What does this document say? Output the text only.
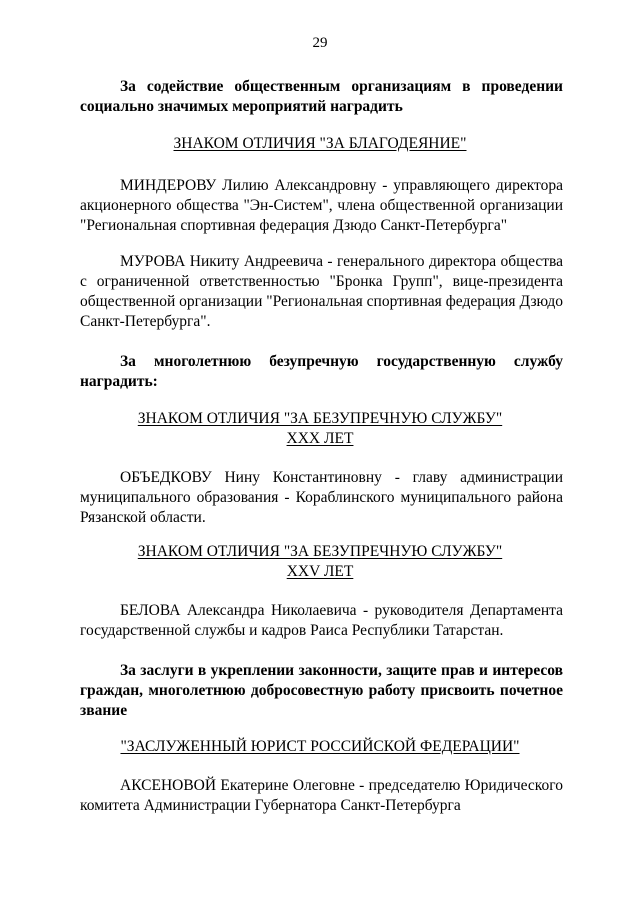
29
За содействие общественным организациям в проведении социально значимых мероприятий наградить
ЗНАКОМ ОТЛИЧИЯ "ЗА БЛАГОДЕЯНИЕ"
МИНДЕРОВУ Лилию Александровну - управляющего директора акционерного общества "Эн-Систем", члена общественной организации "Региональная спортивная федерация Дзюдо Санкт-Петербурга"
МУРОВА Никиту Андреевича - генерального директора общества с ограниченной ответственностью "Бронка Групп", вице-президента общественной организации "Региональная спортивная федерация Дзюдо Санкт-Петербурга".
За многолетнюю безупречную государственную службу наградить:
ЗНАКОМ ОТЛИЧИЯ "ЗА БЕЗУПРЕЧНУЮ СЛУЖБУ"
XXX ЛЕТ
ОБЪЕДКОВУ Нину Константиновну - главу администрации муниципального образования - Кораблинского муниципального района Рязанской области.
ЗНАКОМ ОТЛИЧИЯ "ЗА БЕЗУПРЕЧНУЮ СЛУЖБУ"
XXV ЛЕТ
БЕЛОВА Александра Николаевича - руководителя Департамента государственной службы и кадров Раиса Республики Татарстан.
За заслуги в укреплении законности, защите прав и интересов граждан, многолетнюю добросовестную работу присвоить почетное звание
"ЗАСЛУЖЕННЫЙ ЮРИСТ РОССИЙСКОЙ ФЕДЕРАЦИИ"
АКСЕНОВОЙ Екатерине Олеговне - председателю Юридического комитета Администрации Губернатора Санкт-Петербурга
